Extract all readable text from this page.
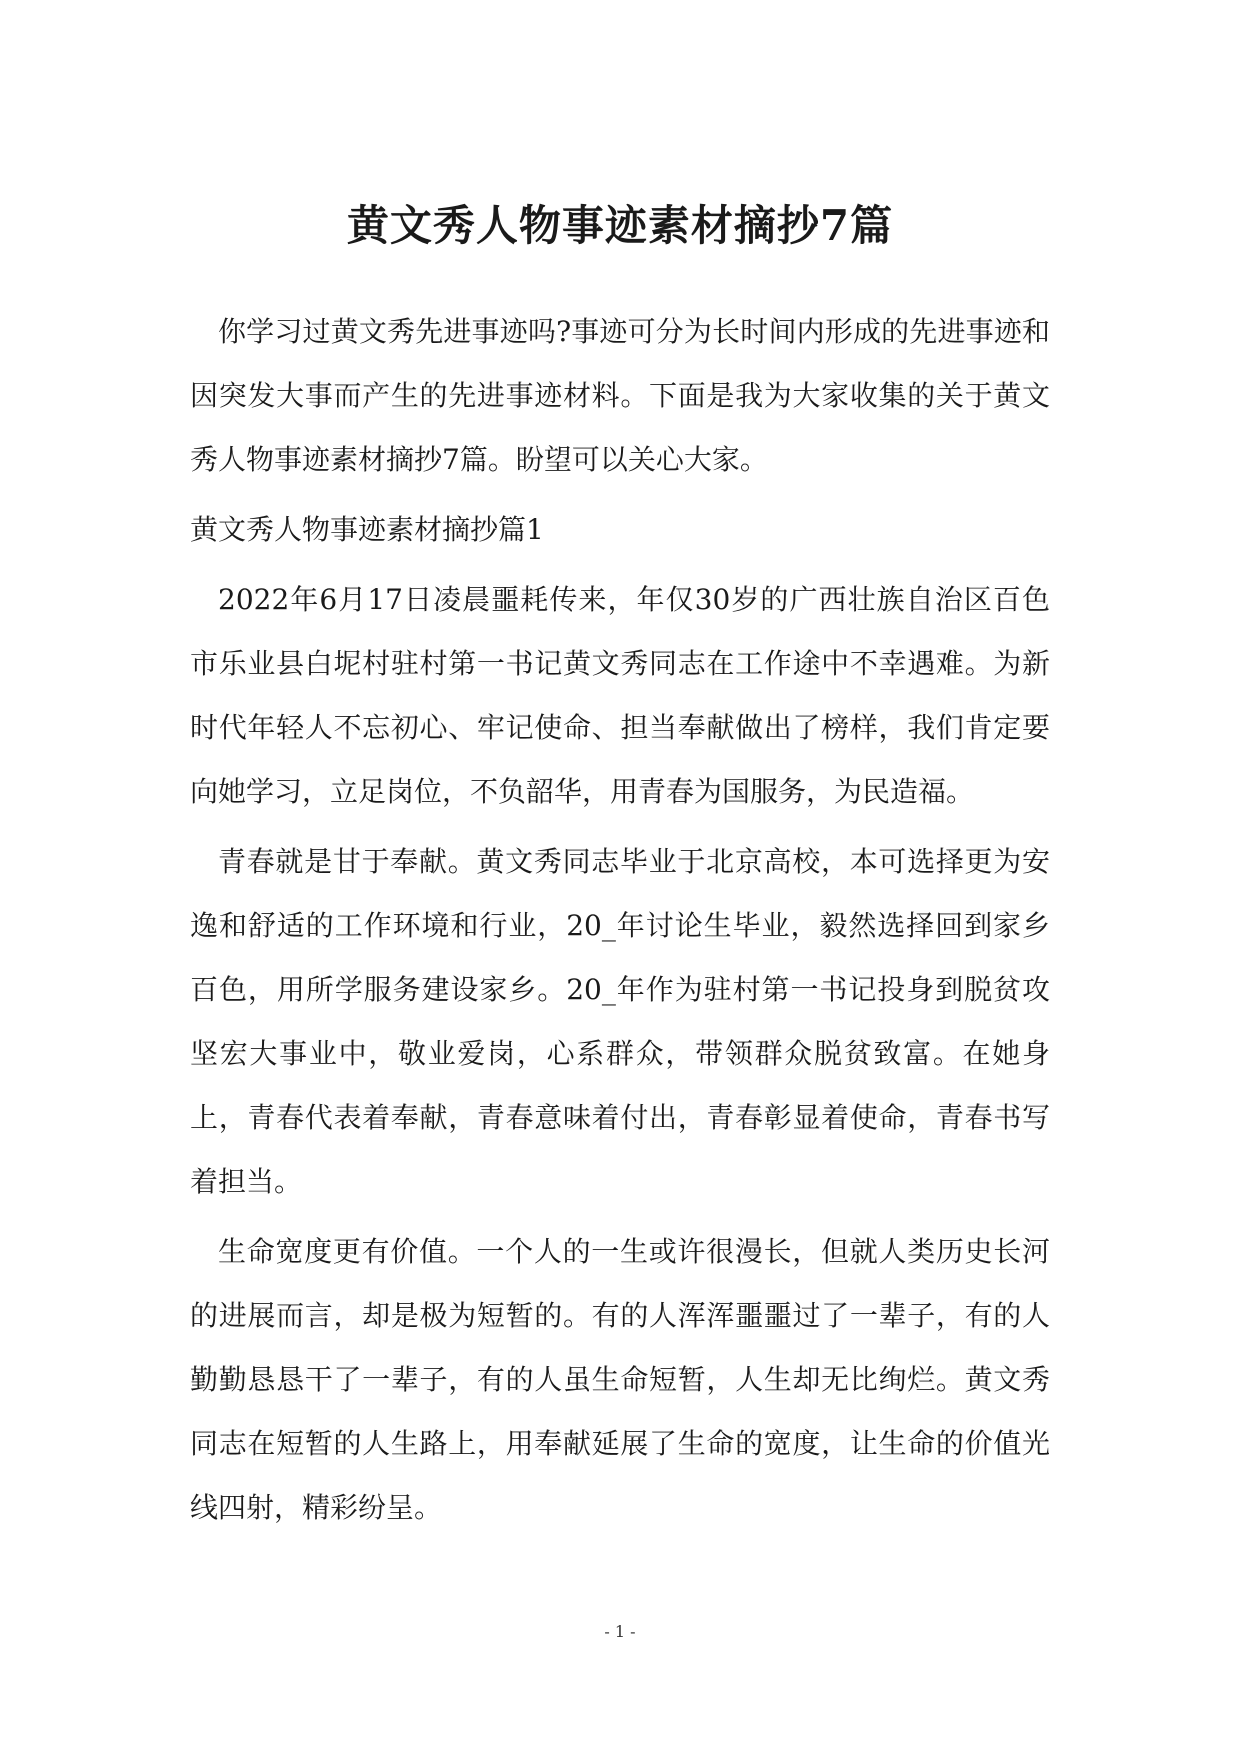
黄文秀人物事迹素材摘抄7篇

你学习过黄文秀先进事迹吗?事迹可分为长时间内形成的先进事迹和因突发大事而产生的先进事迹材料。下面是我为大家收集的关于黄文秀人物事迹素材摘抄7篇。盼望可以关心大家。

黄文秀人物事迹素材摘抄篇1

2022年6月17日凌晨噩耗传来，年仅30岁的广西壮族自治区百色市乐业县白坭村驻村第一书记黄文秀同志在工作途中不幸遇难。为新时代年轻人不忘初心、牢记使命、担当奉献做出了榜样，我们肯定要向她学习，立足岗位，不负韶华，用青春为国服务，为民造福。

青春就是甘于奉献。黄文秀同志毕业于北京高校，本可选择更为安逸和舒适的工作环境和行业，20_年讨论生毕业，毅然选择回到家乡百色，用所学服务建设家乡。20_年作为驻村第一书记投身到脱贫攻坚宏大事业中，敬业爱岗，心系群众，带领群众脱贫致富。在她身上，青春代表着奉献，青春意味着付出，青春彰显着使命，青春书写着担当。

生命宽度更有价值。一个人的一生或许很漫长，但就人类历史长河的进展而言，却是极为短暂的。有的人浑浑噩噩过了一辈子，有的人勤勤恳恳干了一辈子，有的人虽生命短暂，人生却无比绚烂。黄文秀同志在短暂的人生路上，用奉献延展了生命的宽度，让生命的价值光线四射，精彩纷呈。

- 1 -
